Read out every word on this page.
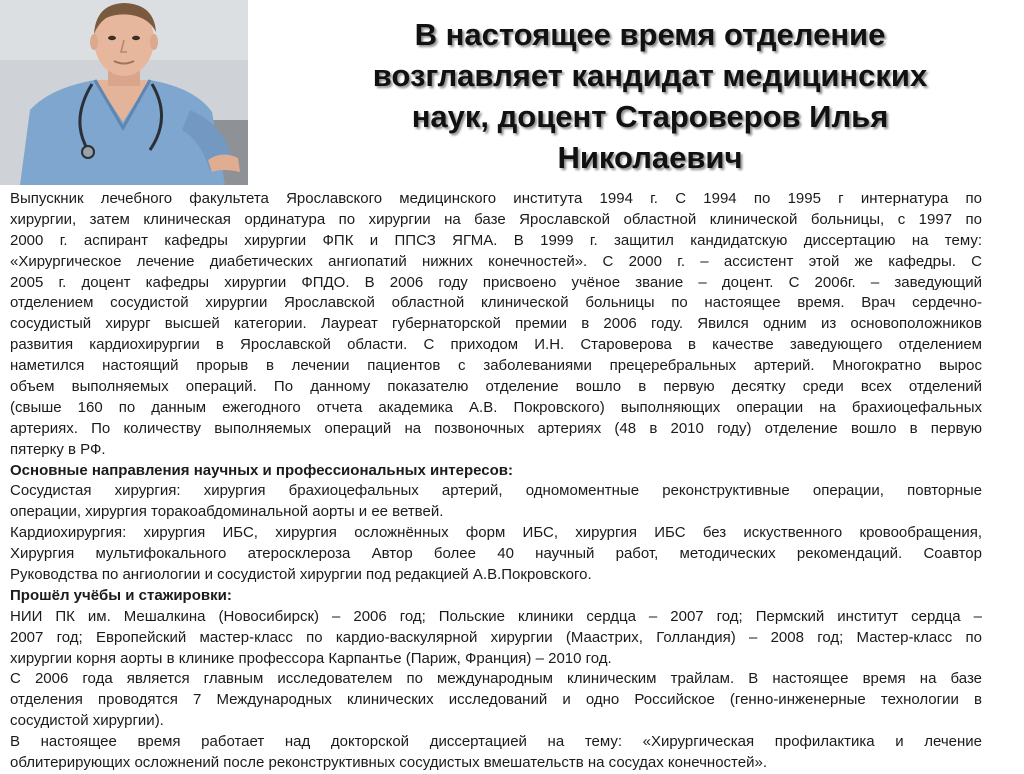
В настоящее время отделение
возглавляет кандидат медицинских
наук, доцент Староверов Илья
Николаевич
Выпускник лечебного факультета Ярославского медицинского института 1994 г. С 1994 по 1995 г интернатура по
хирургии, затем клиническая ординатура по хирургии на базе Ярославской областной клинической больницы, с 1997 по
2000 г. аспирант кафедры хирургии ФПК и ППСЗ ЯГМА. В 1999 г. защитил кандидатскую диссертацию на тему:
«Хирургическое лечение диабетических ангиопатий нижних конечностей». С 2000 г. – ассистент этой же кафедры. С
2005 г. доцент кафедры хирургии ФПДО. В 2006 году присвоено учёное звание – доцент. С 2006г. – заведующий
отделением сосудистой хирургии Ярославской областной клинической больницы по настоящее время. Врач сердечно-
сосудистый хирург высшей категории. Лауреат губернаторской премии в 2006 году. Явился одним из основоположников
развития кардиохирургии в Ярославской области. С приходом И.Н. Староверова в качестве заведующего отделением
наметился настоящий прорыв в лечении пациентов с заболеваниями прецеребральных артерий. Многократно вырос
объем выполняемых операций. По данному показателю отделение вошло в первую десятку среди всех отделений
(свыше 160 по данным ежегодного отчета академика А.В. Покровского) выполняющих операции на брахиоцефальных
артериях. По количеству выполняемых операций на позвоночных артериях (48 в 2010 году) отделение вошло в первую
пятерку в РФ.
Основные направления научных и профессиональных интересов:
Сосудистая хирургия: хирургия брахиоцефальных артерий, одномоментные реконструктивные операции, повторные
операции, хирургия торакоабдоминальной аорты и ее ветвей.
Кардиохирургия: хирургия ИБС, хирургия осложнённых форм ИБС, хирургия ИБС без искуственного кровообращения,
Хирургия мультифокального атеросклероза Автор более 40 научный работ, методических рекомендаций. Соавтор
Руководства по ангиологии и сосудистой хирургии под редакцией А.В.Покровского.
Прошёл учёбы и стажировки:
НИИ ПК им. Мешалкина (Новосибирск) – 2006 год; Польские клиники сердца – 2007 год; Пермский институт сердца –
2007 год; Европейский мастер-класс по кардио-васкулярной хирургии (Маастрих, Голландия) – 2008 год; Мастер-класс по
хирургии корня аорты в клинике профессора Карпантье (Париж, Франция) – 2010 год.
С 2006 года является главным исследователем по международным клиническим трайлам. В настоящее время на базе
отделения проводятся 7 Международных клинических исследований и одно Российское (генно-инженерные технологии в
сосудистой хирургии).
В настоящее время работает над докторской диссертацией на тему: «Хирургическая профилактика и лечение
облитерирующих осложнений после реконструктивных сосудистых вмешательств на сосудах конечностей».
